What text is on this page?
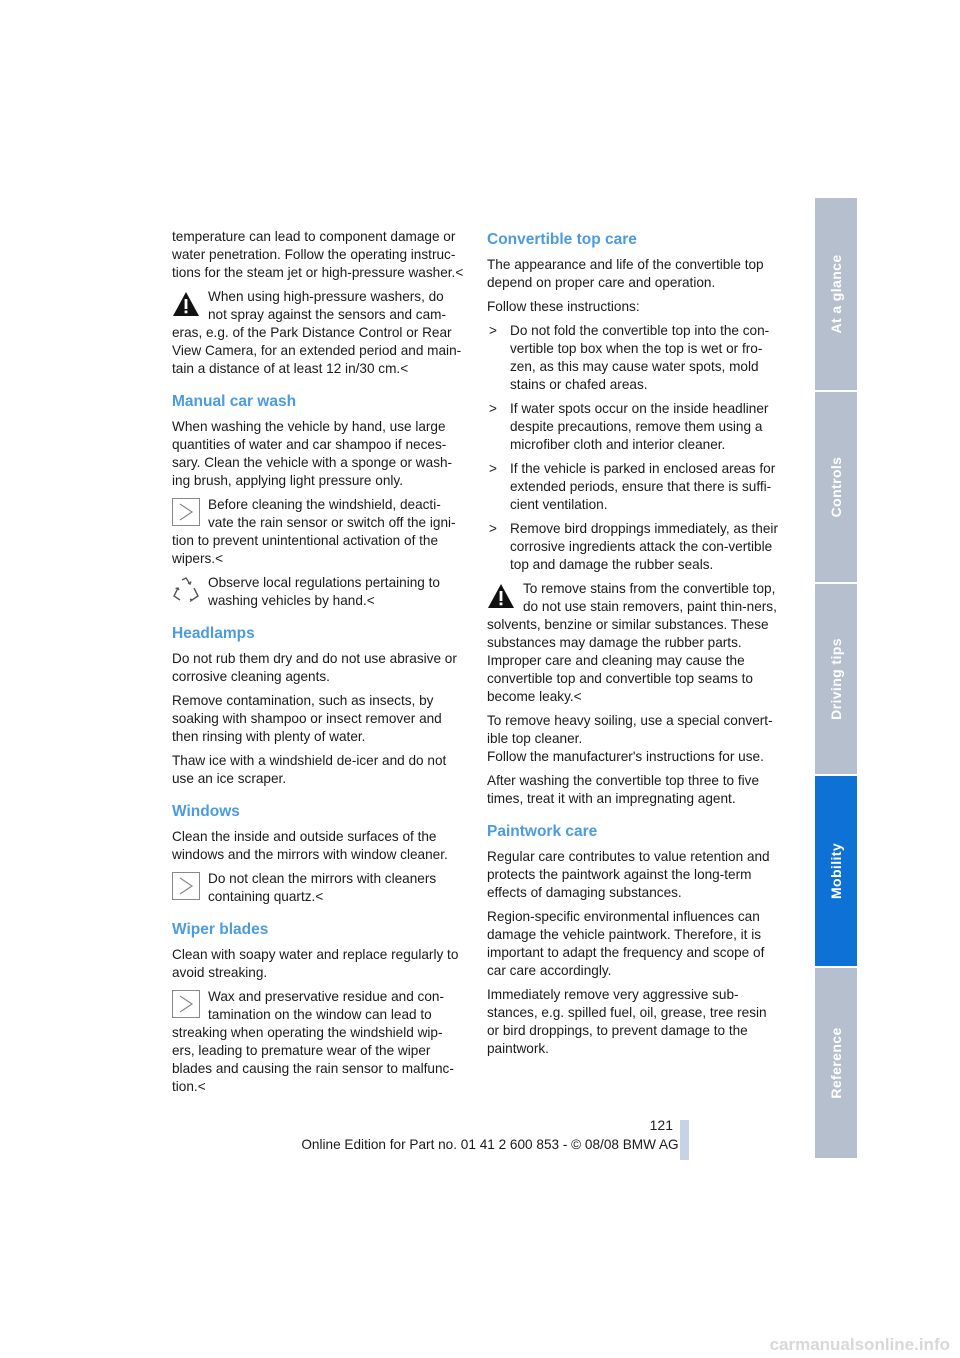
temperature can lead to component damage or water penetration. Follow the operating instruc-tions for the steam jet or high-pressure washer.<

When using high-pressure washers, do not spray against the sensors and cam-eras, e.g. of the Park Distance Control or Rear View Camera, for an extended period and main-tain a distance of at least 12 in/30 cm.<
Manual car wash

When washing the vehicle by hand, use large quantities of water and car shampoo if neces-sary. Clean the vehicle with a sponge or wash-ing brush, applying light pressure only.

Before cleaning the windshield, deacti-vate the rain sensor or switch off the igni-tion to prevent unintentional activation of the wipers.<
Observe local regulations pertaining to washing vehicles by hand.<
Headlamps

Do not rub them dry and do not use abrasive or corrosive cleaning agents.

Remove contamination, such as insects, by soaking with shampoo or insect remover and then rinsing with plenty of water.

Thaw ice with a windshield de-icer and do not use an ice scraper.

Windows

Clean the inside and outside surfaces of the windows and the mirrors with window cleaner.

Do not clean the mirrors with cleaners containing quartz.<
Wiper blades

Clean with soapy water and replace regularly to avoid streaking.

Wax and preservative residue and con-tamination on the window can lead to streaking when operating the windshield wip-ers, leading to premature wear of the wiper blades and causing the rain sensor to malfunc-tion.<
Convertible top care

The appearance and life of the convertible top depend on proper care and operation.

Follow these instructions:

> Do not fold the convertible top into the con-vertible top box when the top is wet or fro-zen, as this may cause water spots, mold stains or chafed areas.
> If water spots occur on the inside headliner despite precautions, remove them using a microfiber cloth and interior cleaner.
> If the vehicle is parked in enclosed areas for extended periods, ensure that there is suffi-cient ventilation.
> Remove bird droppings immediately, as their corrosive ingredients attack the con-vertible top and damage the rubber seals.
To remove stains from the convertible top, do not use stain removers, paint thin-ners, solvents, benzine or similar substances. These substances may damage the rubber parts. Improper care and cleaning may cause the convertible top and convertible top seams to become leaky.<

To remove heavy soiling, use a special convert-ible top cleaner.
Follow the manufacturer's instructions for use.

After washing the convertible top three to five times, treat it with an impregnating agent.

Paintwork care

Regular care contributes to value retention and protects the paintwork against the long-term effects of damaging substances.

Region-specific environmental influences can damage the vehicle paintwork. Therefore, it is important to adapt the frequency and scope of car care accordingly.

Immediately remove very aggressive sub-stances, e.g. spilled fuel, oil, grease, tree resin or bird droppings, to prevent damage to the paintwork.

At a glance
Controls
Driving tips
Mobility
Reference
121
Online Edition for Part no. 01 41 2 600 853 - © 08/08 BMW AG
carmanualsonline.info
